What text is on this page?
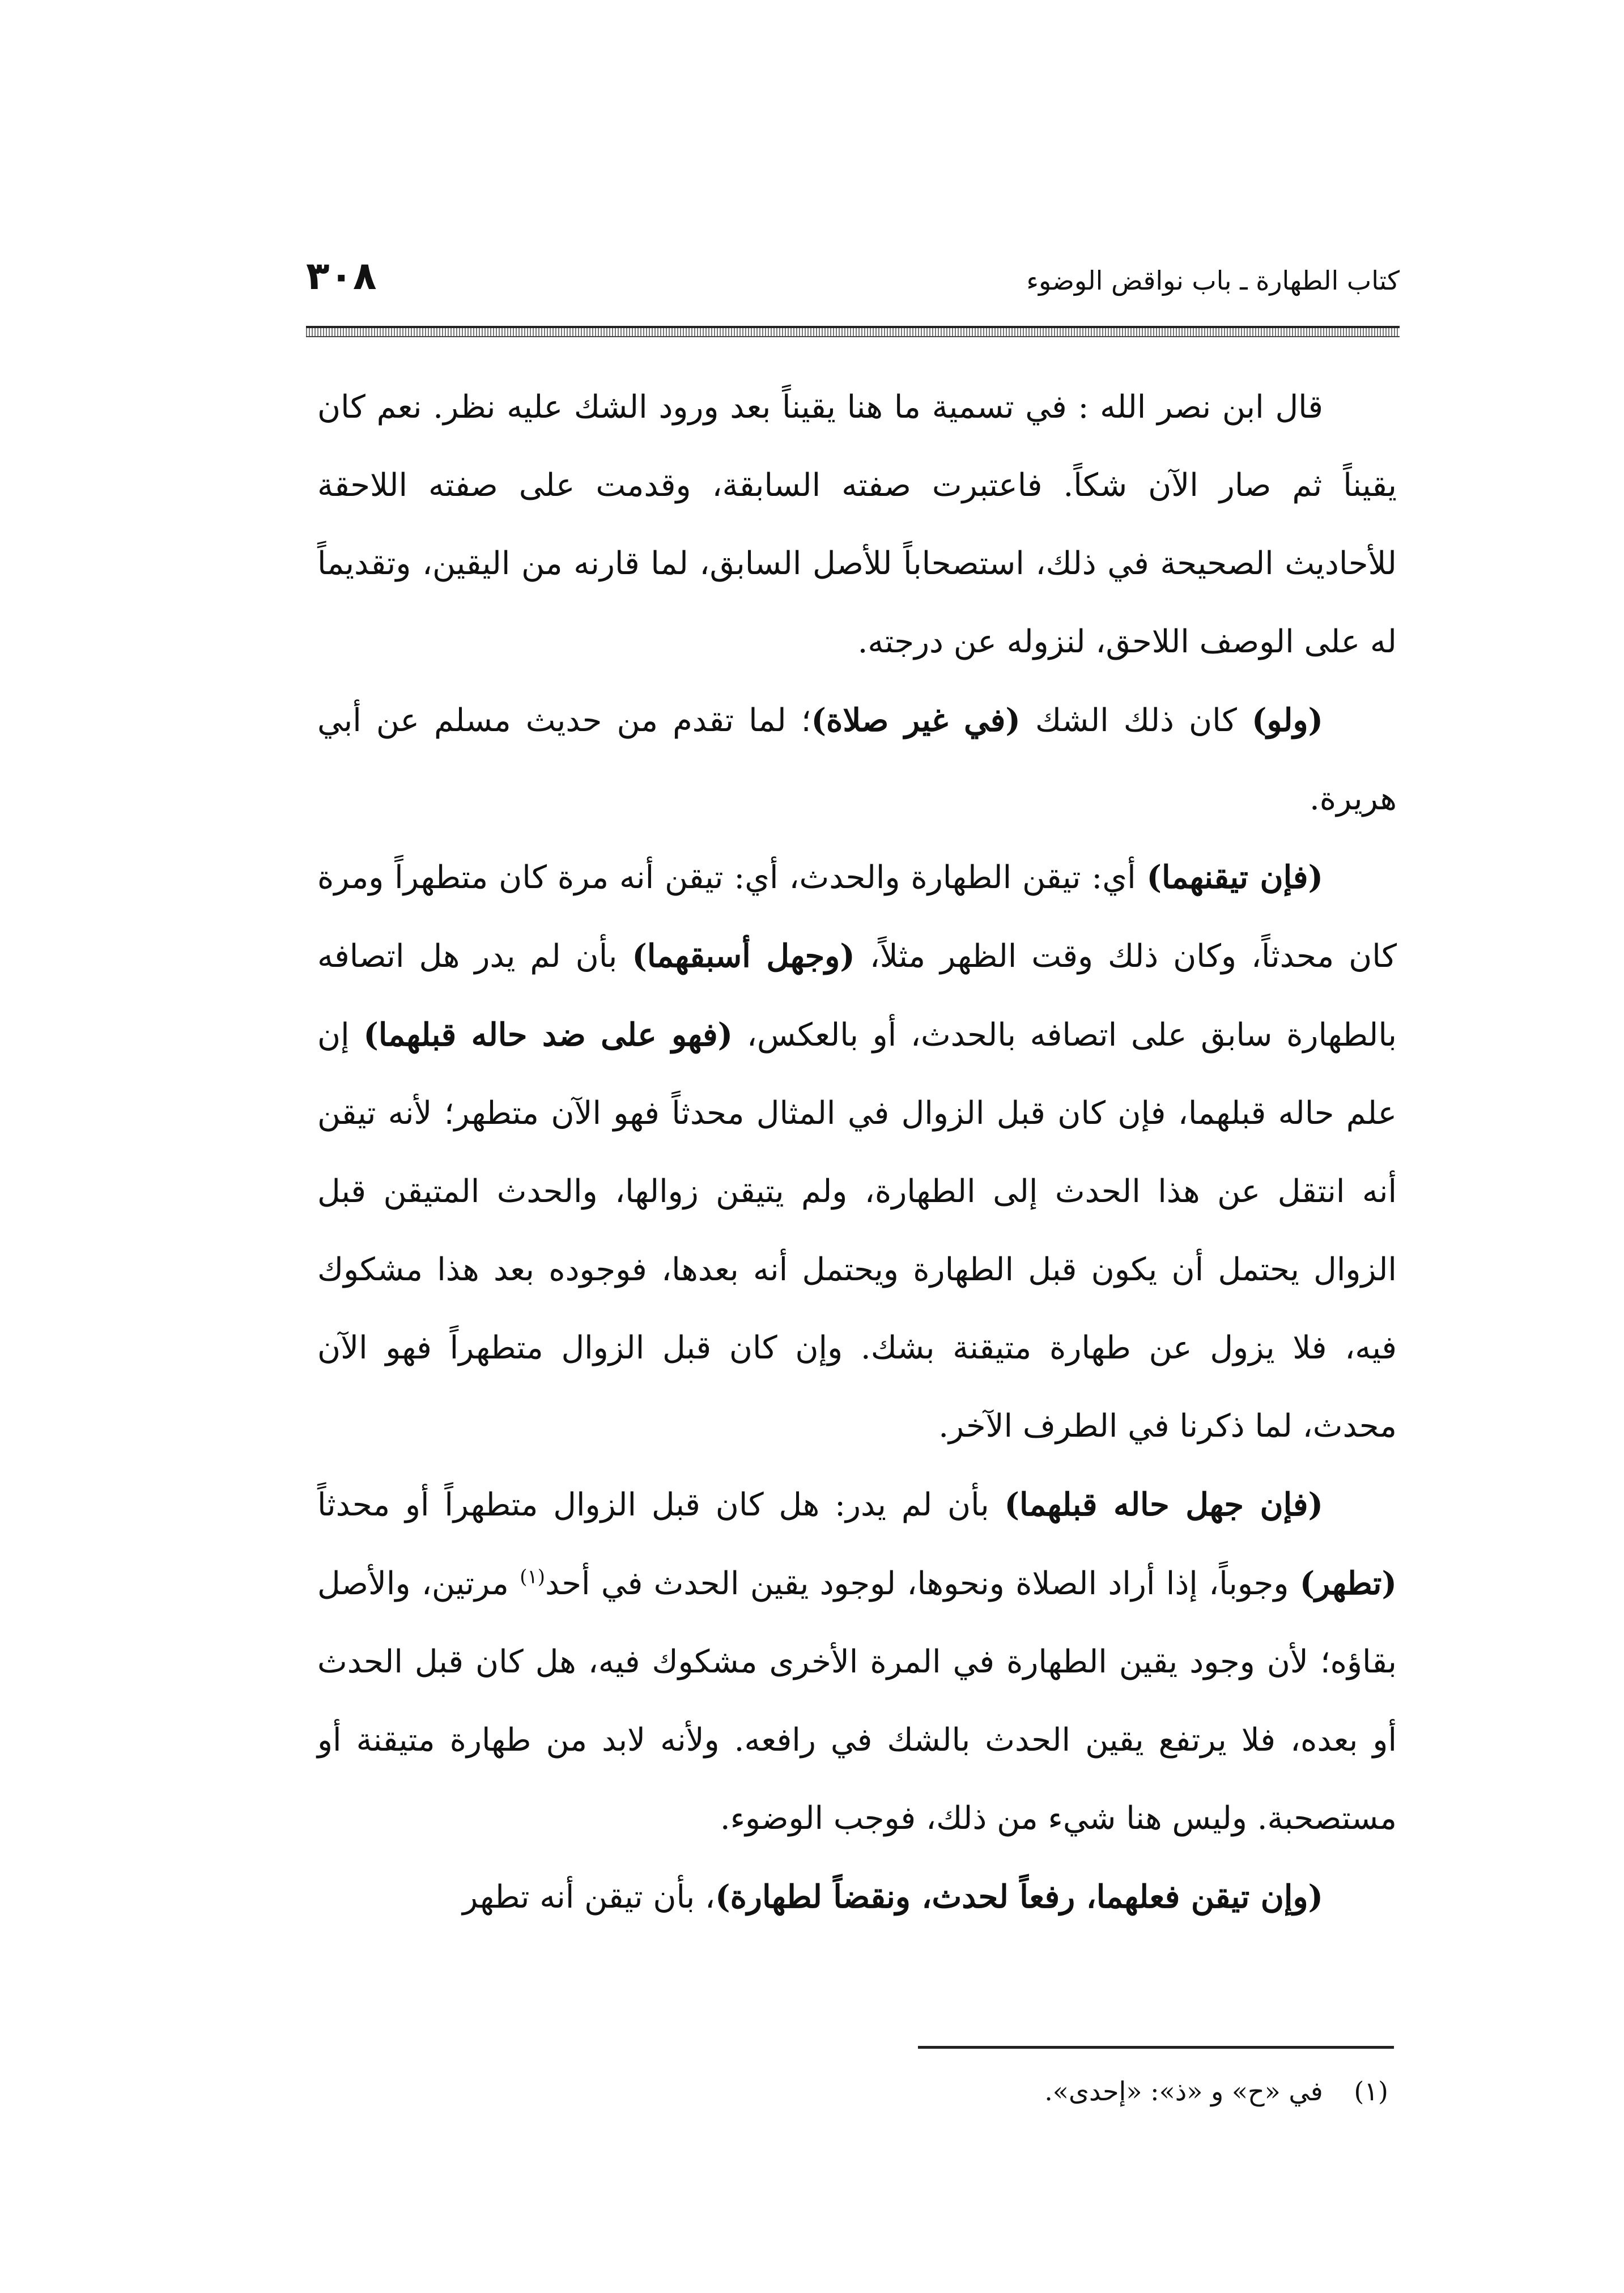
كتاب الطهارة ـ باب نواقض الوضوء
٣٠٨

قال ابن نصر الله : في تسمية ما هنا يقيناً بعد ورود الشك عليه نظر. نعم كان يقيناً ثم صار الآن شكاً. فاعتبرت صفته السابقة، وقدمت على صفته اللاحقة للأحاديث الصحيحة في ذلك، استصحاباً للأصل السابق، لما قارنه من اليقين، وتقديماً له على الوصف اللاحق، لنزوله عن درجته.

(ولو) كان ذلك الشك (في غير صلاة)؛ لما تقدم من حديث مسلم عن أبي هريرة.

(فإن تيقنهما) أي: تيقن الطهارة والحدث، أي: تيقن أنه مرة كان متطهراً ومرة كان محدثاً، وكان ذلك وقت الظهر مثلاً، (وجهل أسبقهما) بأن لم يدر هل اتصافه بالطهارة سابق على اتصافه بالحدث، أو بالعكس، (فهو على ضد حاله قبلهما) إن علم حاله قبلهما، فإن كان قبل الزوال في المثال محدثاً فهو الآن متطهر؛ لأنه تيقن أنه انتقل عن هذا الحدث إلى الطهارة، ولم يتيقن زوالها، والحدث المتيقن قبل الزوال يحتمل أن يكون قبل الطهارة ويحتمل أنه بعدها، فوجوده بعد هذا مشكوك فيه، فلا يزول عن طهارة متيقنة بشك. وإن كان قبل الزوال متطهراً فهو الآن محدث، لما ذكرنا في الطرف الآخر.

(فإن جهل حاله قبلهما) بأن لم يدر: هل كان قبل الزوال متطهراً أو محدثاً (تطهر) وجوباً، إذا أراد الصلاة ونحوها، لوجود يقين الحدث في أحد$^{(١)}$ مرتين، والأصل بقاؤه؛ لأن وجود يقين الطهارة في المرة الأخرى مشكوك فيه، هل كان قبل الحدث أو بعده، فلا يرتفع يقين الحدث بالشك في رافعه. ولأنه لابد من طهارة متيقنة أو مستصحبة. وليس هنا شيء من ذلك، فوجب الوضوء.

(وإن تيقن فعلهما، رفعاً لحدث، ونقضاً لطهارة)، بأن تيقن أنه تطهر

(١) في «ح» و «ذ»: «إحدى».
